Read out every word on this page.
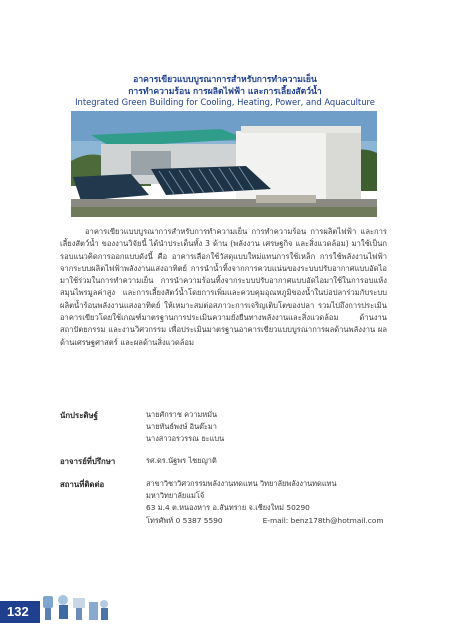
อาคารเขียวแบบบูรณาการสำหรับการทำความเย็น
การทำความร้อน การผลิตไฟฟ้า และการเลี้ยงสัตว์น้ำ
Integrated Green Building for Cooling, Heating, Power, and Aquaculture

อาคารเขียวแบบบูรณาการสำหรับการทำความเย็น การทำความร้อน การผลิตไฟฟ้า และการเลี้ยงสัตว์น้ำ ของงานวิจัยนี้ ได้นำประเด็นทั้ง 3 ด้าน (พลังงาน เศรษฐกิจ และสิ่งแวดล้อม) มาใช้เป็นกรอบแนวคิดการออกแบบดังนี้ คือ อาคารเลือกใช้วัสดุแบบใหม่แทนการใช้เหล็ก การใช้พลังงานไฟฟ้าจากระบบผลิตไฟฟ้าพลังงานแสงอาทิตย์ การนำน้ำทิ้งจากการควบแน่นของระบบปรับอากาศแบบอัดไอ มาใช้ร่วมในการทำความเย็น การนำความร้อนทิ้งจากระบบปรับอากาศแบบอัดไอมาใช้ในการอบแห้งสมุนไพรมูลค่าสูง และการเลี้ยงสัตว์น้ำโดยการเพิ่มและควบคุมอุณหภูมิของน้ำในบ่อปลาร่วมกับระบบผลิตน้ำร้อนพลังงานแสงอาทิตย์ ให้เหมาะสมต่อสภาวะการเจริญเติบโตของปลา รวมไปถึงการประเมินอาคารเขียวโดยใช้เกณฑ์มาตรฐานการประเมินความยั่งยืนทางพลังงานและสิ่งแวดล้อม ด้านงานสถาปัตยกรรม และงานวิศวกรรม เพื่อประเมินมาตรฐานอาคารเขียวแบบบูรณาการผลด้านพลังงาน ผลด้านเศรษฐศาสตร์ และผลด้านสิ่งแวดล้อม

นักประดิษฐ์	นายศักราช ความหมั่น
นายทันธ์พงษ์ อินต๊ะมา
นางสาวอรวรรณ ยะแบน
อาจารย์ที่ปรึกษา	รศ.ดร.นัฐพร ไชยญาติ
สถานที่ติดต่อ	สาขาวิชาวิศวกรรมพลังงานทดแทน วิทยาลัยพลังงานทดแทน
มหาวิทยาลัยแม่โจ้
63 ม.4 ต.หนองหาร อ.สันทราย จ.เชียงใหม่ 50290
โทรศัพท์ 0 5387 5590	E-mail: benz178th@hotmail.com
132
